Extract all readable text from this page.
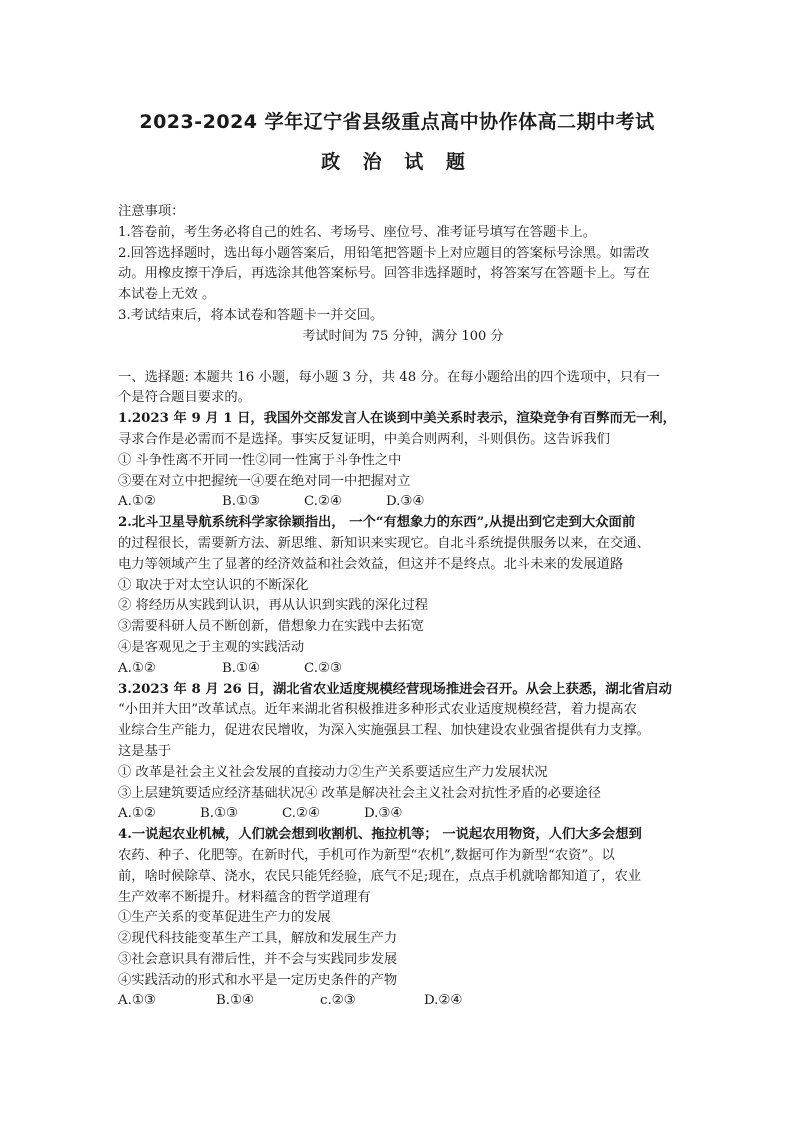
2023-2024 学年辽宁省县级重点高中协作体高二期中考试
政 治 试 题
注意事项：
1.答卷前，考生务必将自己的姓名、考场号、座位号、准考证号填写在答题卡上。
2.回答选择题时，选出每小题答案后，用铅笔把答题卡上对应题目的答案标号涂黑。如需改
动。用橡皮擦干净后，再选涂其他答案标号。回答非选择题时，将答案写在答题卡上。写在
本试卷上无效 。
3.考试结束后，将本试卷和答题卡一并交回。
考试时间为 75 分钟，满分 100 分
一、选择题: 本题共 16 小题，每小题 3 分，共 48 分。在每小题给出的四个选项中，只有一
个是符合题目要求的。
1.2023 年 9 月 1 日，我国外交部发言人在谈到中美关系时表示，渲染竞争有百弊而无一利，
寻求合作是必需而不是选择。事实反复证明，中美合则两利，斗则俱伤。这告诉我们
① 斗争性离不开同一性②同一性寓于斗争性之中
③要在对立中把握统一④要在绝对同一中把握对立
A.①②	B.①③	C.②④	D.③④
2.北斗卫星导航系统科学家徐颖指出， 一个“有想象力的东西”,从提出到它走到大众面前
的过程很长，需要新方法、新思维、新知识来实现它。自北斗系统提供服务以来，在交通、
电力等领域产生了显著的经济效益和社会效益，但这并不是终点。北斗未来的发展道路
① 取决于对太空认识的不断深化
② 将经历从实践到认识，再从认识到实践的深化过程
③需要科研人员不断创新，借想象力在实践中去拓宽
④是客观见之于主观的实践活动
A.①②	B.①④	C.②③
3.2023 年 8 月 26 日，湖北省农业适度规模经营现场推进会召开。从会上获悉，湖北省启动
“小田并大田”改革试点。近年来湖北省积极推进多种形式农业适度规模经营，着力提高农
业综合生产能力，促进农民增收，为深入实施强县工程、加快建设农业强省提供有力支撑。
这是基于
① 改革是社会主义社会发展的直接动力②生产关系要适应生产力发展状况
③上层建筑要适应经济基础状况④ 改革是解决社会主义社会对抗性矛盾的必要途径
A.①②	B.①③	C.②④	D.③④
4.一说起农业机械，人们就会想到收割机、拖拉机等； 一说起农用物资，人们大多会想到
农药、种子、化肥等。在新时代，手机可作为新型“农机”,数据可作为新型“农资”。以
前，啥时候除草、浇水，农民只能凭经验，底气不足;现在，点点手机就啥都知道了，农业
生产效率不断提升。材料蕴含的哲学道理有
①生产关系的变革促进生产力的发展
②现代科技能变革生产工具，解放和发展生产力
③社会意识具有滞后性，并不会与实践同步发展
④实践活动的形式和水平是一定历史条件的产物
A.①③	B.①④	c.②③	D.②④
